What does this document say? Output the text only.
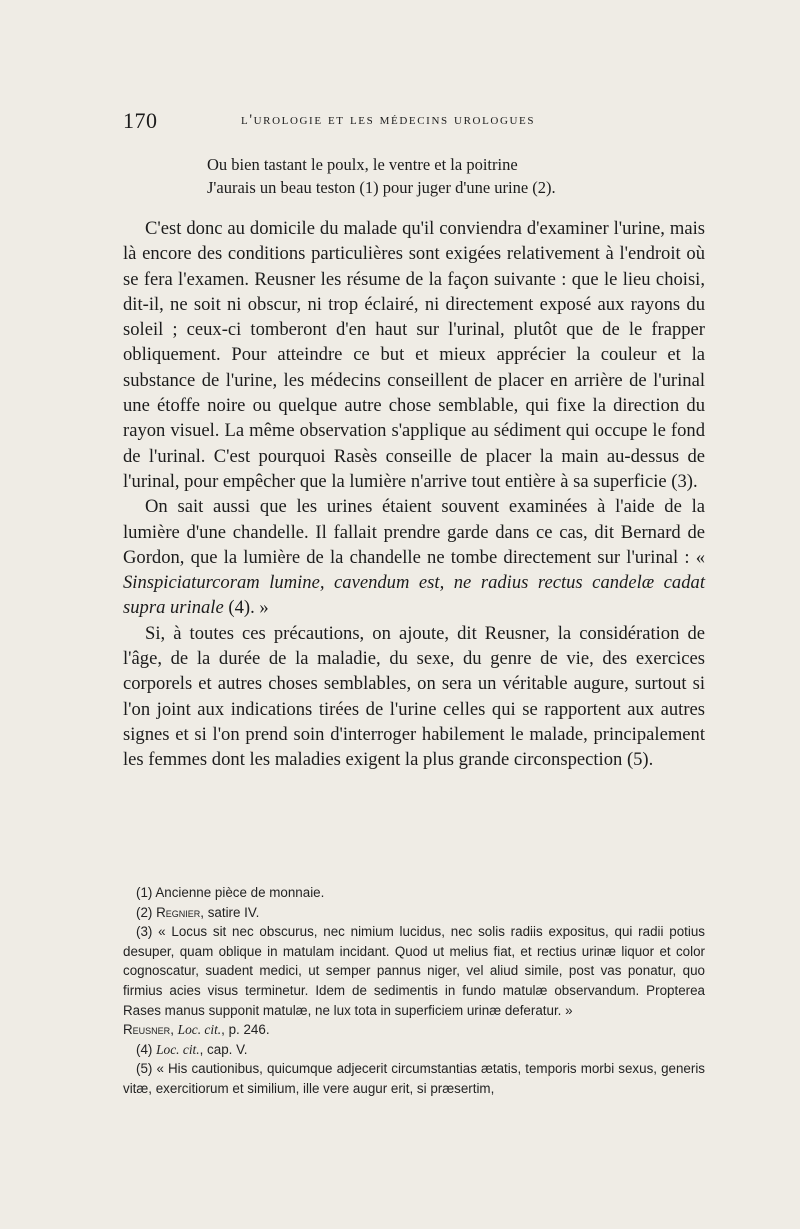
170	l'urologie et les médecins urologues
Ou bien tastant le poulx, le ventre et la poitrine
J'aurais un beau teston (1) pour juger d'une urine (2).

C'est donc au domicile du malade qu'il conviendra d'examiner l'urine, mais là encore des conditions particulières sont exigées relativement à l'endroit où se fera l'examen. Reusner les résume de la façon suivante : que le lieu choisi, dit-il, ne soit ni obscur, ni trop éclairé, ni directement exposé aux rayons du soleil ; ceux-ci tomberont d'en haut sur l'urinal, plutôt que de le frapper obliquement. Pour atteindre ce but et mieux apprécier la couleur et la substance de l'urine, les médecins conseillent de placer en arrière de l'urinal une étoffe noire ou quelque autre chose semblable, qui fixe la direction du rayon visuel. La même observation s'applique au sédiment qui occupe le fond de l'urinal. C'est pourquoi Rasès conseille de placer la main au-dessus de l'urinal, pour empêcher que la lumière n'arrive tout entière à sa superficie (3).

On sait aussi que les urines étaient souvent examinées à l'aide de la lumière d'une chandelle. Il fallait prendre garde dans ce cas, dit Bernard de Gordon, que la lumière de la chandelle ne tombe directement sur l'urinal : « Sinspiciaturcoram lumine, cavendum est, ne radius rectus candelæ cadat supra urinale (4). »

Si, à toutes ces précautions, on ajoute, dit Reusner, la considération de l'âge, de la durée de la maladie, du sexe, du genre de vie, des exercices corporels et autres choses semblables, on sera un véritable augure, surtout si l'on joint aux indications tirées de l'urine celles qui se rapportent aux autres signes et si l'on prend soin d'interroger habilement le malade, principalement les femmes dont les maladies exigent la plus grande circonspection (5).

(1) Ancienne pièce de monnaie.

(2) Regnier, satire IV.

(3) « Locus sit nec obscurus, nec nimium lucidus, nec solis radiis expositus, qui radii potius desuper, quam oblique in matulam incidant. Quod ut melius fiat, et rectius urinæ liquor et color cognoscatur, suadent medici, ut semper pannus niger, vel aliud simile, post vas ponatur, quo firmius acies visus terminetur. Idem de sedimentis in fundo matulæ observandum. Propterea Rases manus supponit matulæ, ne lux tota in superficiem urinæ deferatur. »

Reusner, Loc. cit., p. 246.

(4) Loc. cit., cap. V.

(5) « His cautionibus, quicumque adjecerit circumstantias ætatis, temporis morbi sexus, generis vitæ, exercitiorum et similium, ille vere augur erit, si præsertim,
